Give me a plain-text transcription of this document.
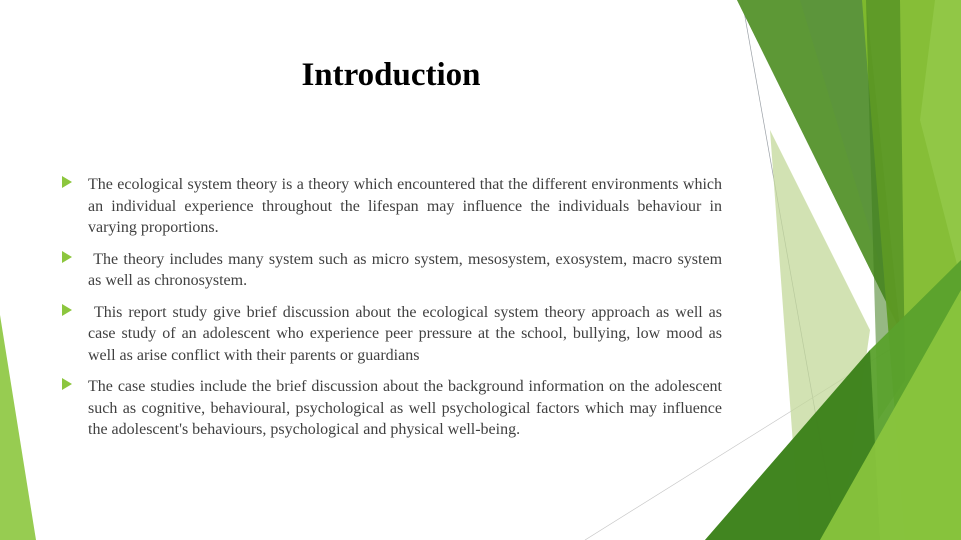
Introduction
The ecological system theory is a theory which encountered that the different environments which an individual experience throughout the lifespan may influence the individuals behaviour in varying proportions.
The theory includes many system such as micro system, mesosystem, exosystem, macro system as well as chronosystem.
This report study give brief discussion about the ecological system theory approach as well as case study of an adolescent who experience peer pressure at the school, bullying, low mood as well as arise conflict with their parents or guardians
The case studies include the brief discussion about the background information on the adolescent such as cognitive, behavioural, psychological as well psychological factors which may influence the adolescent's behaviours, psychological and physical well-being.
